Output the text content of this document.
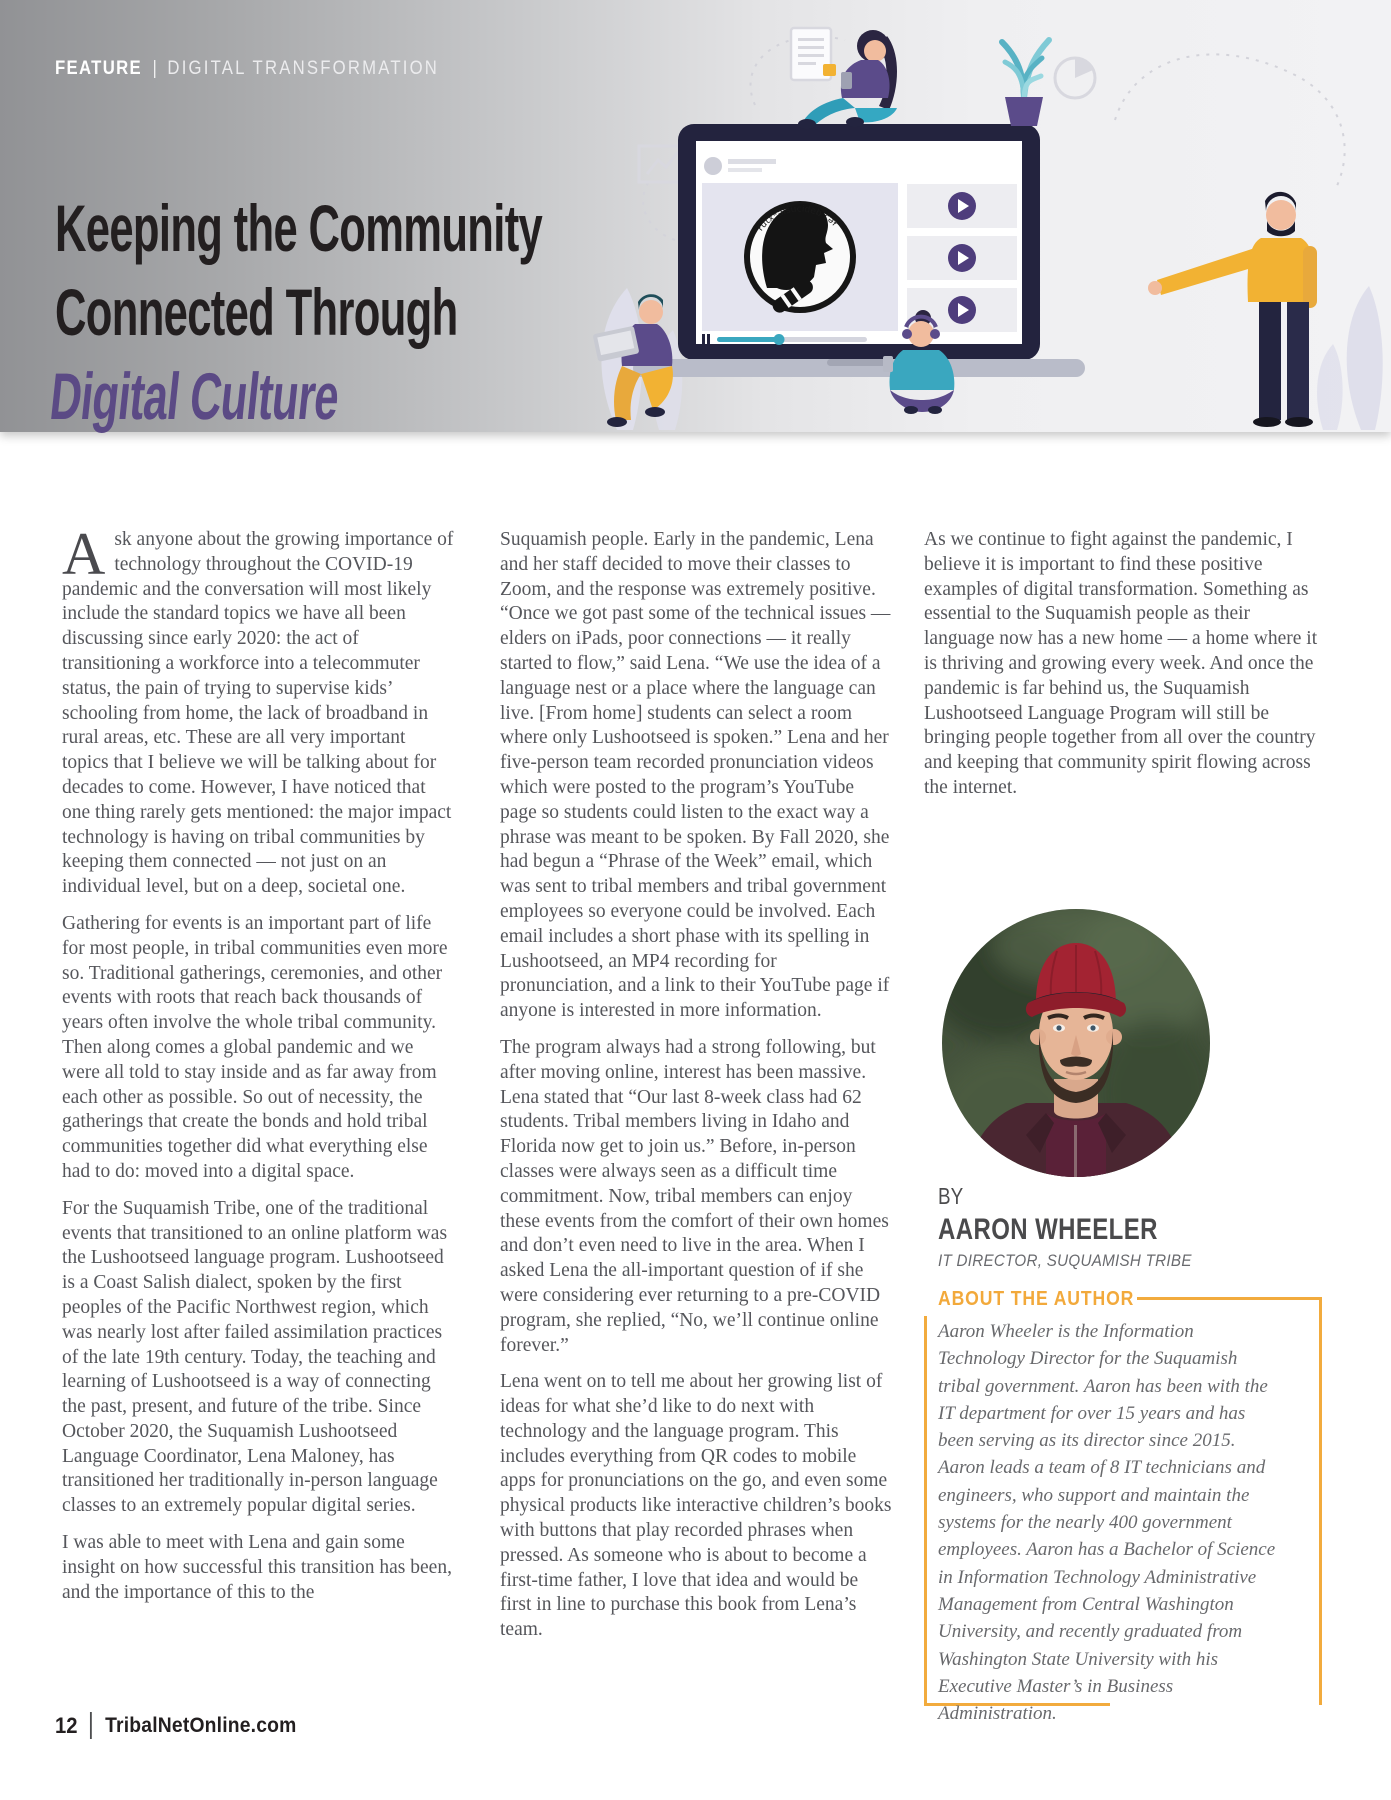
FEATURE | DIGITAL TRANSFORMATION
Keeping the Community
Connected Through
Digital Culture
ʔutxʷəlšucideb čəɫ

Ask anyone about the growing importance of technology throughout the COVID-19 pandemic and the conversation will most likely include the standard topics we have all been discussing since early 2020: the act of transitioning a workforce into a telecommuter status, the pain of trying to supervise kids’ schooling from home, the lack of broadband in rural areas, etc. These are all very important topics that I believe we will be talking about for decades to come. However, I have noticed that one thing rarely gets mentioned: the major impact technology is having on tribal communities by keeping them connected — not just on an individual level, but on a deep, societal one.

Gathering for events is an important part of life for most people, in tribal communities even more so. Traditional gatherings, ceremonies, and other events with roots that reach back thousands of years often involve the whole tribal community. Then along comes a global pandemic and we were all told to stay inside and as far away from each other as possible. So out of necessity, the gatherings that create the bonds and hold tribal communities together did what everything else had to do: moved into a digital space.

For the Suquamish Tribe, one of the traditional events that transitioned to an online platform was the Lushootseed language program. Lushootseed is a Coast Salish dialect, spoken by the first peoples of the Pacific Northwest region, which was nearly lost after failed assimilation practices of the late 19th century. Today, the teaching and learning of Lushootseed is a way of connecting the past, present, and future of the tribe. Since October 2020, the Suquamish Lushootseed Language Coordinator, Lena Maloney, has transitioned her traditionally in-person language classes to an extremely popular digital series.

I was able to meet with Lena and gain some insight on how successful this transition has been, and the importance of this to the

Suquamish people. Early in the pandemic, Lena and her staff decided to move their classes to Zoom, and the response was extremely positive. “Once we got past some of the technical issues — elders on iPads, poor connections — it really started to flow,” said Lena. “We use the idea of a language nest or a place where the language can live. [From home] students can select a room where only Lushootseed is spoken.” Lena and her five-person team recorded pronunciation videos which were posted to the program’s YouTube page so students could listen to the exact way a phrase was meant to be spoken. By Fall 2020, she had begun a “Phrase of the Week” email, which was sent to tribal members and tribal government employees so everyone could be involved. Each email includes a short phase with its spelling in Lushootseed, an MP4 recording for pronunciation, and a link to their YouTube page if anyone is interested in more information.

The program always had a strong following, but after moving online, interest has been massive. Lena stated that “Our last 8-week class had 62 students. Tribal members living in Idaho and Florida now get to join us.” Before, in-person classes were always seen as a difficult time commitment. Now, tribal members can enjoy these events from the comfort of their own homes and don’t even need to live in the area. When I asked Lena the all-important question of if she were considering ever returning to a pre-COVID program, she replied, “No, we’ll continue online forever.”

Lena went on to tell me about her growing list of ideas for what she’d like to do next with technology and the language program. This includes everything from QR codes to mobile apps for pronunciations on the go, and even some physical products like interactive children’s books with buttons that play recorded phrases when pressed. As someone who is about to become a first-time father, I love that idea and would be first in line to purchase this book from Lena’s team.

As we continue to fight against the pandemic, I believe it is important to find these positive examples of digital transformation. Something as essential to the Suquamish people as their language now has a new home — a home where it is thriving and growing every week. And once the pandemic is far behind us, the Suquamish Lushootseed Language Program will still be bringing people together from all over the country and keeping that community spirit flowing across the internet.

BY
AARON WHEELER
IT DIRECTOR, SUQUAMISH TRIBE
ABOUT THE AUTHOR
Aaron Wheeler is the Information Technology Director for the Suquamish tribal government. Aaron has been with the IT department for over 15 years and has been serving as its director since 2015. Aaron leads a team of 8 IT technicians and engineers, who support and maintain the systems for the nearly 400 government employees. Aaron has a Bachelor of Science in Information Technology Administrative Management from Central Washington University, and recently graduated from Washington State University with his Executive Master’s in Business Administration.
12 TribalNetOnline.com
